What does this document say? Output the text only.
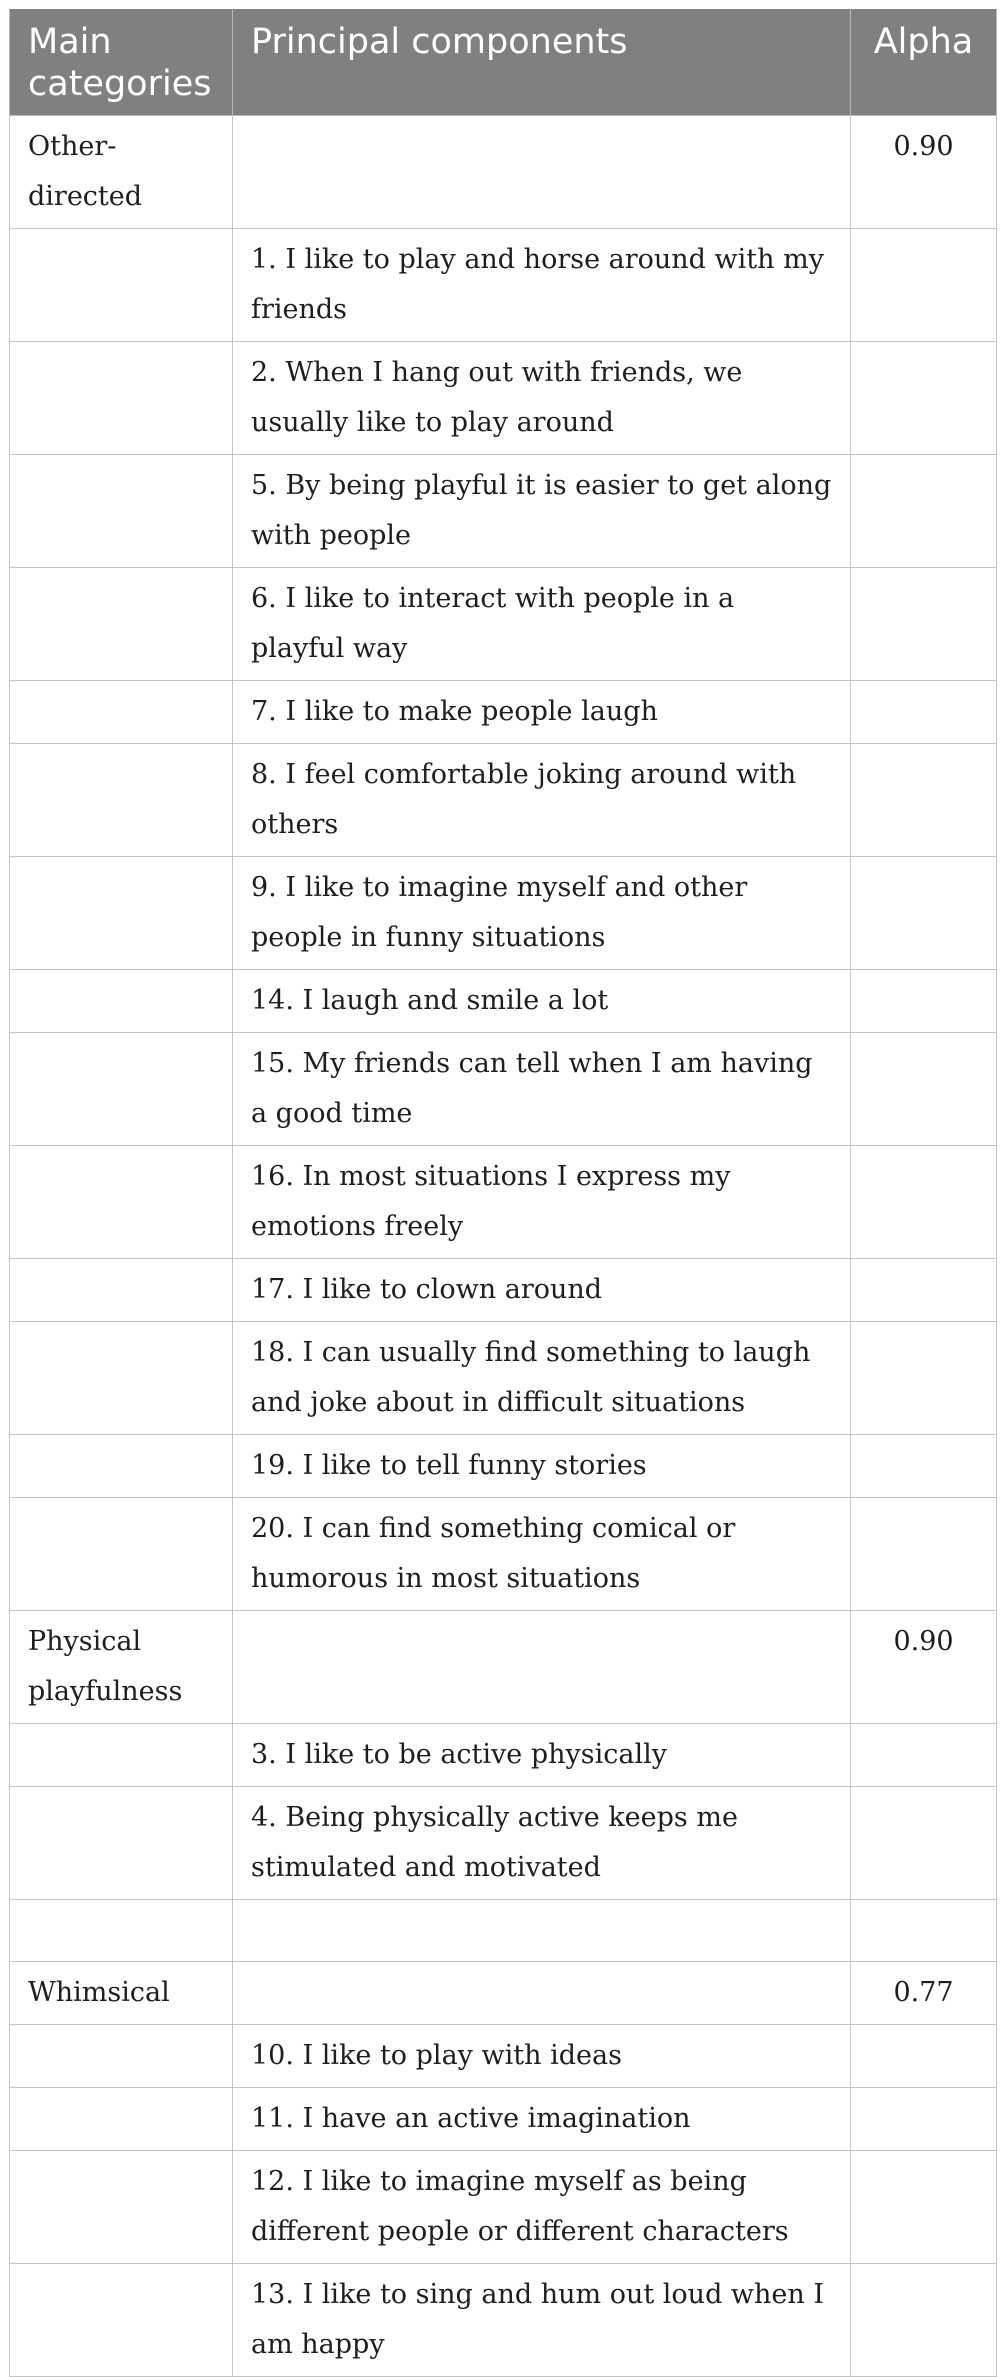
Main categories	Principal components	Alpha
Other-directed		0.90
	1. I like to play and horse around with my friends	
	2. When I hang out with friends, we usually like to play around	
	5. By being playful it is easier to get along with people	
	6. I like to interact with people in a playful way	
	7. I like to make people laugh	
	8. I feel comfortable joking around with others	
	9. I like to imagine myself and other people in funny situations	
	14. I laugh and smile a lot	
	15. My friends can tell when I am having a good time	
	16. In most situations I express my emotions freely	
	17. I like to clown around	
	18. I can usually find something to laugh and joke about in difficult situations	
	19. I like to tell funny stories	
	20. I can find something comical or humorous in most situations	
Physical playfulness		0.90
	3. I like to be active physically	
	4. Being physically active keeps me stimulated and motivated	

Whimsical		0.77
	10. I like to play with ideas	
	11. I have an active imagination	
	12. I like to imagine myself as being different people or different characters	
	13. I like to sing and hum out loud when I am happy	
